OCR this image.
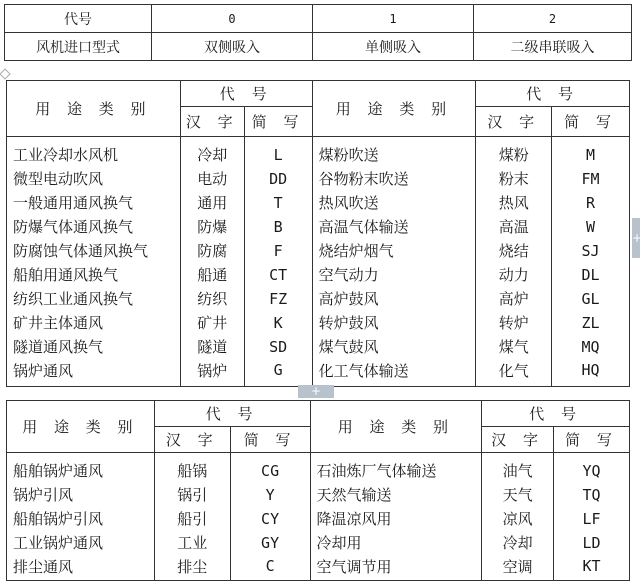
代号	0	1	2
风机进口型式	双侧吸入	单侧吸入	二级串联吸入
用 途 类 别	代 号		用 途 类 别	代 号	
	汉 字	简 写		汉 字	简 写
工业冷却水风机	冷却	L	煤粉吹送	煤粉	M
微型电动吹风	电动	DD	谷物粉末吹送	粉末	FM
一般通用通风换气	通用	T	热风吹送	热风	R
防爆气体通风换气	防爆	B	高温气体输送	高温	W
防腐蚀气体通风换气	防腐	F	烧结炉烟气	烧结	SJ
船舶用通风换气	船通	CT	空气动力	动力	DL
纺织工业通风换气	纺织	FZ	高炉鼓风	高炉	GL
矿井主体通风	矿井	K	转炉鼓风	转炉	ZL
隧道通风换气	隧道	SD	煤气鼓风	煤气	MQ
锅炉通风	锅炉	G	化工气体输送	化气	HQ
+
+
用 途 类 别	代 号		用 途 类 别	代 号	
	汉 字	简 写		汉 字	简 写
船舶锅炉通风	船锅	CG	石油炼厂气体输送	油气	YQ
锅炉引风	锅引	Y	天然气输送	天气	TQ
船舶锅炉引风	船引	CY	降温凉风用	凉风	LF
工业锅炉通风	工业	GY	冷却用	冷却	LD
排尘通风	排尘	C	空气调节用	空调	KT
